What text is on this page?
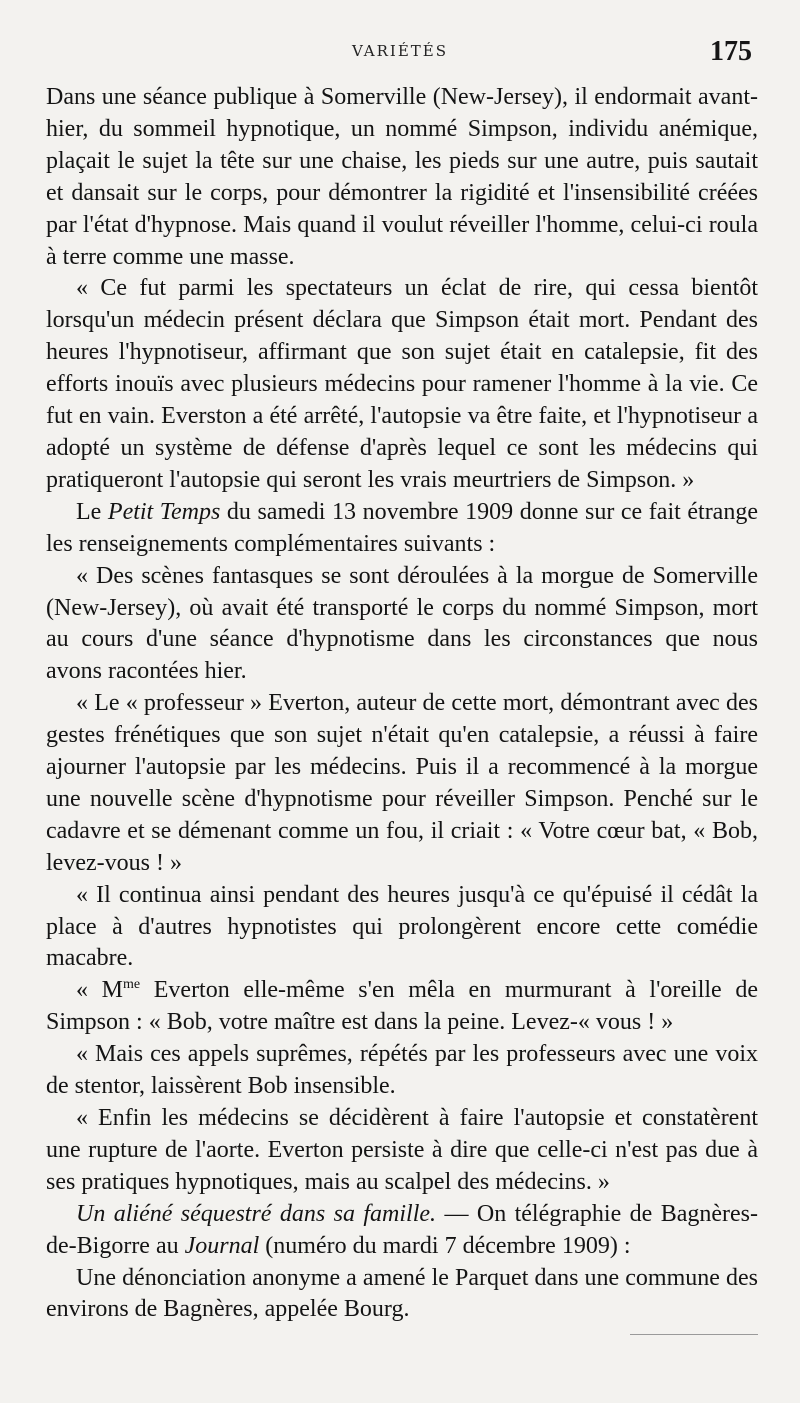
VARIÉTÉS	175

Dans une séance publique à Somerville (New-Jersey), il endormait avant-hier, du sommeil hypnotique, un nommé Simpson, individu anémique, plaçait le sujet la tête sur une chaise, les pieds sur une autre, puis sautait et dansait sur le corps, pour démontrer la rigidité et l'insensibilité créées par l'état d'hypnose. Mais quand il voulut réveiller l'homme, celui-ci roula à terre comme une masse.

« Ce fut parmi les spectateurs un éclat de rire, qui cessa bientôt lorsqu'un médecin présent déclara que Simpson était mort. Pendant des heures l'hypnotiseur, affirmant que son sujet était en catalepsie, fit des efforts inouïs avec plusieurs médecins pour ramener l'homme à la vie. Ce fut en vain. Everston a été arrêté, l'autopsie va être faite, et l'hypnotiseur a adopté un système de défense d'après lequel ce sont les médecins qui pratiqueront l'autopsie qui seront les vrais meurtriers de Simpson. »

Le Petit Temps du samedi 13 novembre 1909 donne sur ce fait étrange les renseignements complémentaires suivants :

« Des scènes fantasques se sont déroulées à la morgue de Somerville (New-Jersey), où avait été transporté le corps du nommé Simpson, mort au cours d'une séance d'hypnotisme dans les circonstances que nous avons racontées hier.

« Le « professeur » Everton, auteur de cette mort, démontrant avec des gestes frénétiques que son sujet n'était qu'en catalepsie, a réussi à faire ajourner l'autopsie par les médecins. Puis il a recommencé à la morgue une nouvelle scène d'hypnotisme pour réveiller Simpson. Penché sur le cadavre et se démenant comme un fou, il criait : « Votre cœur bat, « Bob, levez-vous ! »

« Il continua ainsi pendant des heures jusqu'à ce qu'épuisé il cédât la place à d'autres hypnotistes qui prolongèrent encore cette comédie macabre.

« $M^{me}$ Everton elle-même s'en mêla en murmurant à l'oreille de Simpson : « Bob, votre maître est dans la peine. Levez-« vous ! »

« Mais ces appels suprêmes, répétés par les professeurs avec une voix de stentor, laissèrent Bob insensible.

« Enfin les médecins se décidèrent à faire l'autopsie et constatèrent une rupture de l'aorte. Everton persiste à dire que celle-ci n'est pas due à ses pratiques hypnotiques, mais au scalpel des médecins. »

Un aliéné séquestré dans sa famille. — On télégraphie de Bagnères-de-Bigorre au Journal (numéro du mardi 7 décembre 1909) :

Une dénonciation anonyme a amené le Parquet dans une commune des environs de Bagnères, appelée Bourg.
